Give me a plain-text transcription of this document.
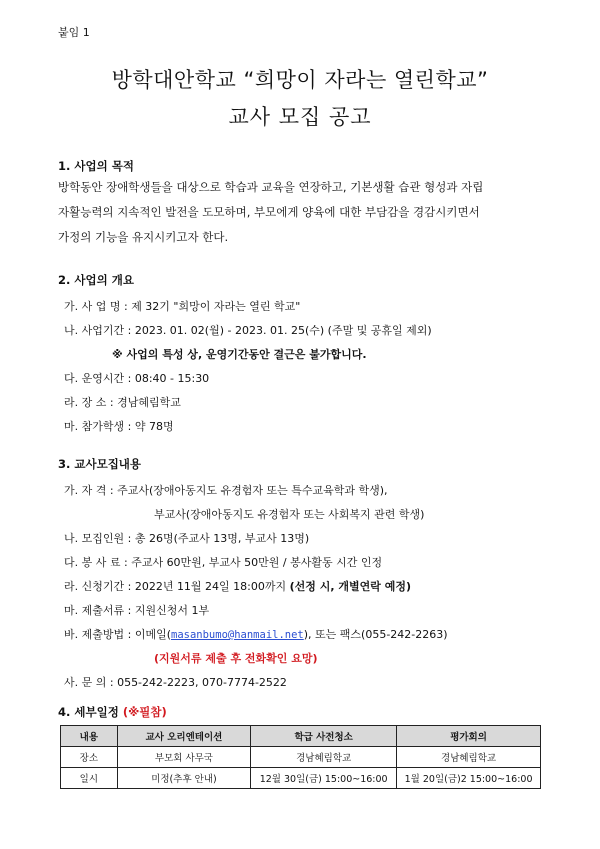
붙임 1
방학대안학교 “희망이 자라는 열린학교”
교사 모집 공고
1. 사업의 목적
방학동안 장애학생들을 대상으로 학습과 교육을 연장하고, 기본생활 습관 형성과 자립
자활능력의 지속적인 발전을 도모하며, 부모에게 양육에 대한 부담감을 경감시키면서
가정의 기능을 유지시키고자 한다.
2. 사업의 개요
가. 사 업 명 : 제 32기 "희망이 자라는 열린 학교"
나. 사업기간 : 2023. 01. 02(월) - 2023. 01. 25(수) (주말 및 공휴일 제외)
※ 사업의 특성 상, 운영기간동안 결근은 불가합니다.
다. 운영시간 : 08:40 - 15:30
라. 장 소 : 경남혜림학교
마. 참가학생 : 약 78명
3. 교사모집내용
가. 자 격 : 주교사(장애아동지도 유경험자 또는 특수교육학과 학생),
부교사(장애아동지도 유경험자 또는 사회복지 관련 학생)
나. 모집인원 : 총 26명(주교사 13명, 부교사 13명)
다. 봉 사 료 : 주교사 60만원, 부교사 50만원 / 봉사활동 시간 인정
라. 신청기간 : 2022년 11월 24일 18:00까지 (선정 시, 개별연락 예정)
마. 제출서류 : 지원신청서 1부
바. 제출방법 : 이메일(masanbumo@hanmail.net), 또는 팩스(055-242-2263)
(지원서류 제출 후 전화확인 요망)
사. 문 의 : 055-242-2223, 070-7774-2522
4. 세부일정 (※필참)
내용	교사 오리엔테이션	학급 사전청소	평가회의
장소	부모회 사무국	경남혜림학교	경남혜림학교
일시	미정(추후 안내)	12월 30일(금) 15:00~16:00	1월 20일(금)2 15:00~16:00
